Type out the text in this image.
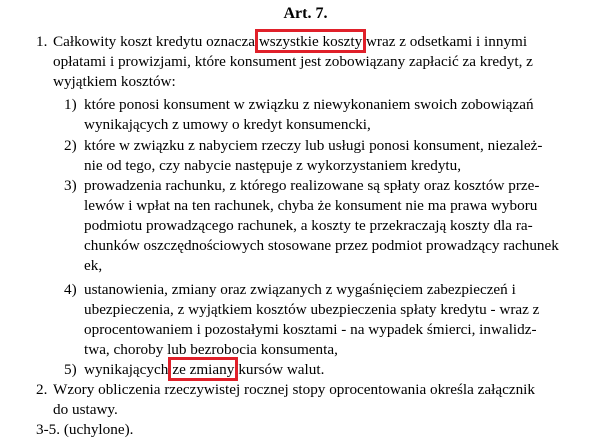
Art. 7.
1. Całkowity koszt kredytu oznacza wszystkie koszty wraz z odsetkami i innymi
opłatami i prowizjami, które konsument jest zobowiązany zapłacić za kredyt, z
wyjątkiem kosztów:
1) które ponosi konsument w związku z niewykonaniem swoich zobowiązań
wynikających z umowy o kredyt konsumencki,
2) które w związku z nabyciem rzeczy lub usługi ponosi konsument, niezależ-
nie od tego, czy nabycie następuje z wykorzystaniem kredytu,
3) prowadzenia rachunku, z którego realizowane są spłaty oraz kosztów prze-
lewów i wpłat na ten rachunek, chyba że konsument nie ma prawa wyboru
podmiotu prowadzącego rachunek, a koszty te przekraczają koszty dla ra-
chunków oszczędnościowych stosowane przez podmiot prowadzący rachunek
ek,
4) ustanowienia, zmiany oraz związanych z wygaśnięciem zabezpieczeń i
ubezpieczenia, z wyjątkiem kosztów ubezpieczenia spłaty kredytu - wraz z
oprocentowaniem i pozostałymi kosztami - na wypadek śmierci, inwalidz-
twa, choroby lub bezrobocia konsumenta,
5) wynikających ze zmiany kursów walut.
2. Wzory obliczenia rzeczywistej rocznej stopy oprocentowania określa załącznik
do ustawy.
3-5. (uchylone).
